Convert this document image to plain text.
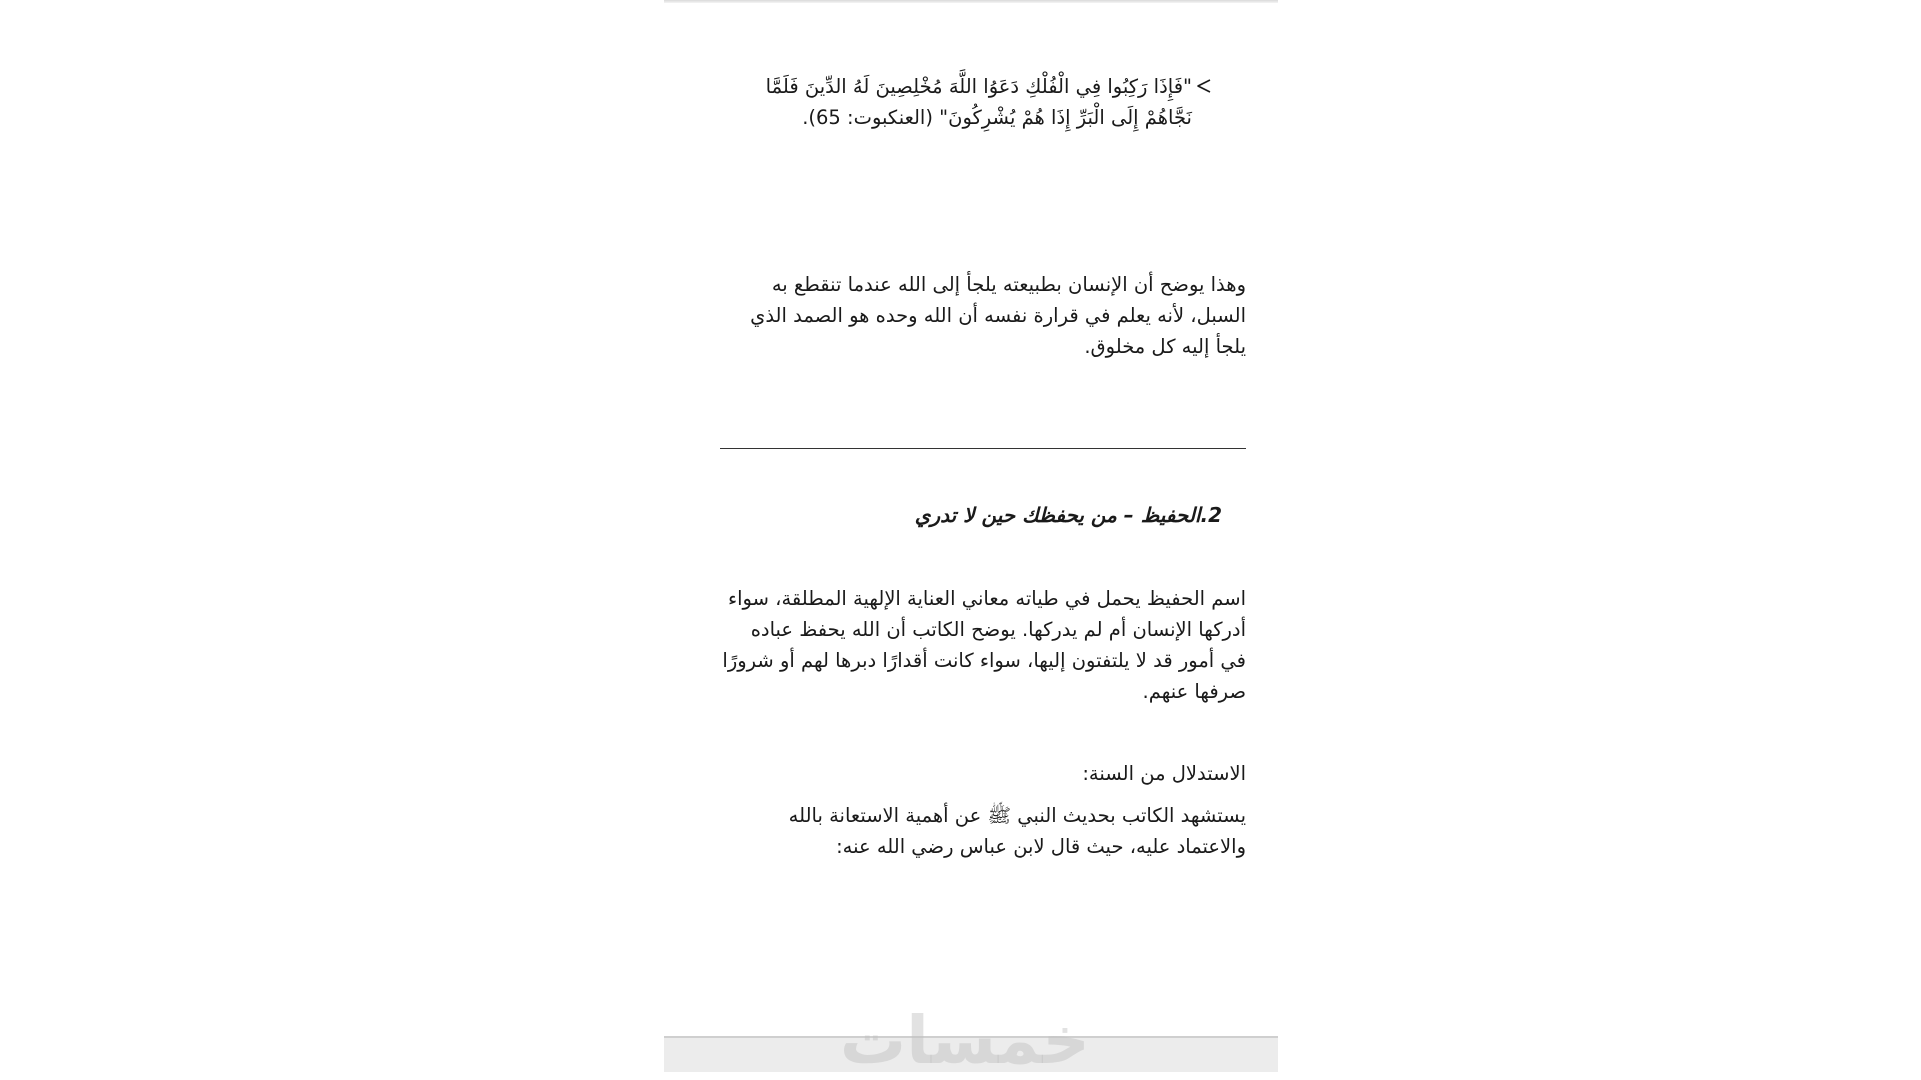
"فَإِذَا رَكِبُوا فِي الْفُلْكِ دَعَوُا اللَّهَ مُخْلِصِينَ لَهُ الدِّينَ فَلَمَّا نَجَّاهُمْ إِلَى الْبَرِّ إِذَا هُمْ يُشْرِكُونَ" (العنكبوت: 65).
وهذا يوضح أن الإنسان بطبيعته يلجأ إلى الله عندما تنقطع به السبل، لأنه يعلم في قرارة نفسه أن الله وحده هو الصمد الذي يلجأ إليه كل مخلوق.
2.الحفيظ – من يحفظك حين لا تدري
اسم الحفيظ يحمل في طياته معاني العناية الإلهية المطلقة، سواء أدركها الإنسان أم لم يدركها. يوضح الكاتب أن الله يحفظ عباده في أمور قد لا يلتفتون إليها، سواء كانت أقدارًا دبرها لهم أو شرورًا صرفها عنهم.
الاستدلال من السنة:
يستشهد الكاتب بحديث النبي ﷺ عن أهمية الاستعانة بالله والاعتماد عليه، حيث قال لابن عباس رضي الله عنه:
خمسات
